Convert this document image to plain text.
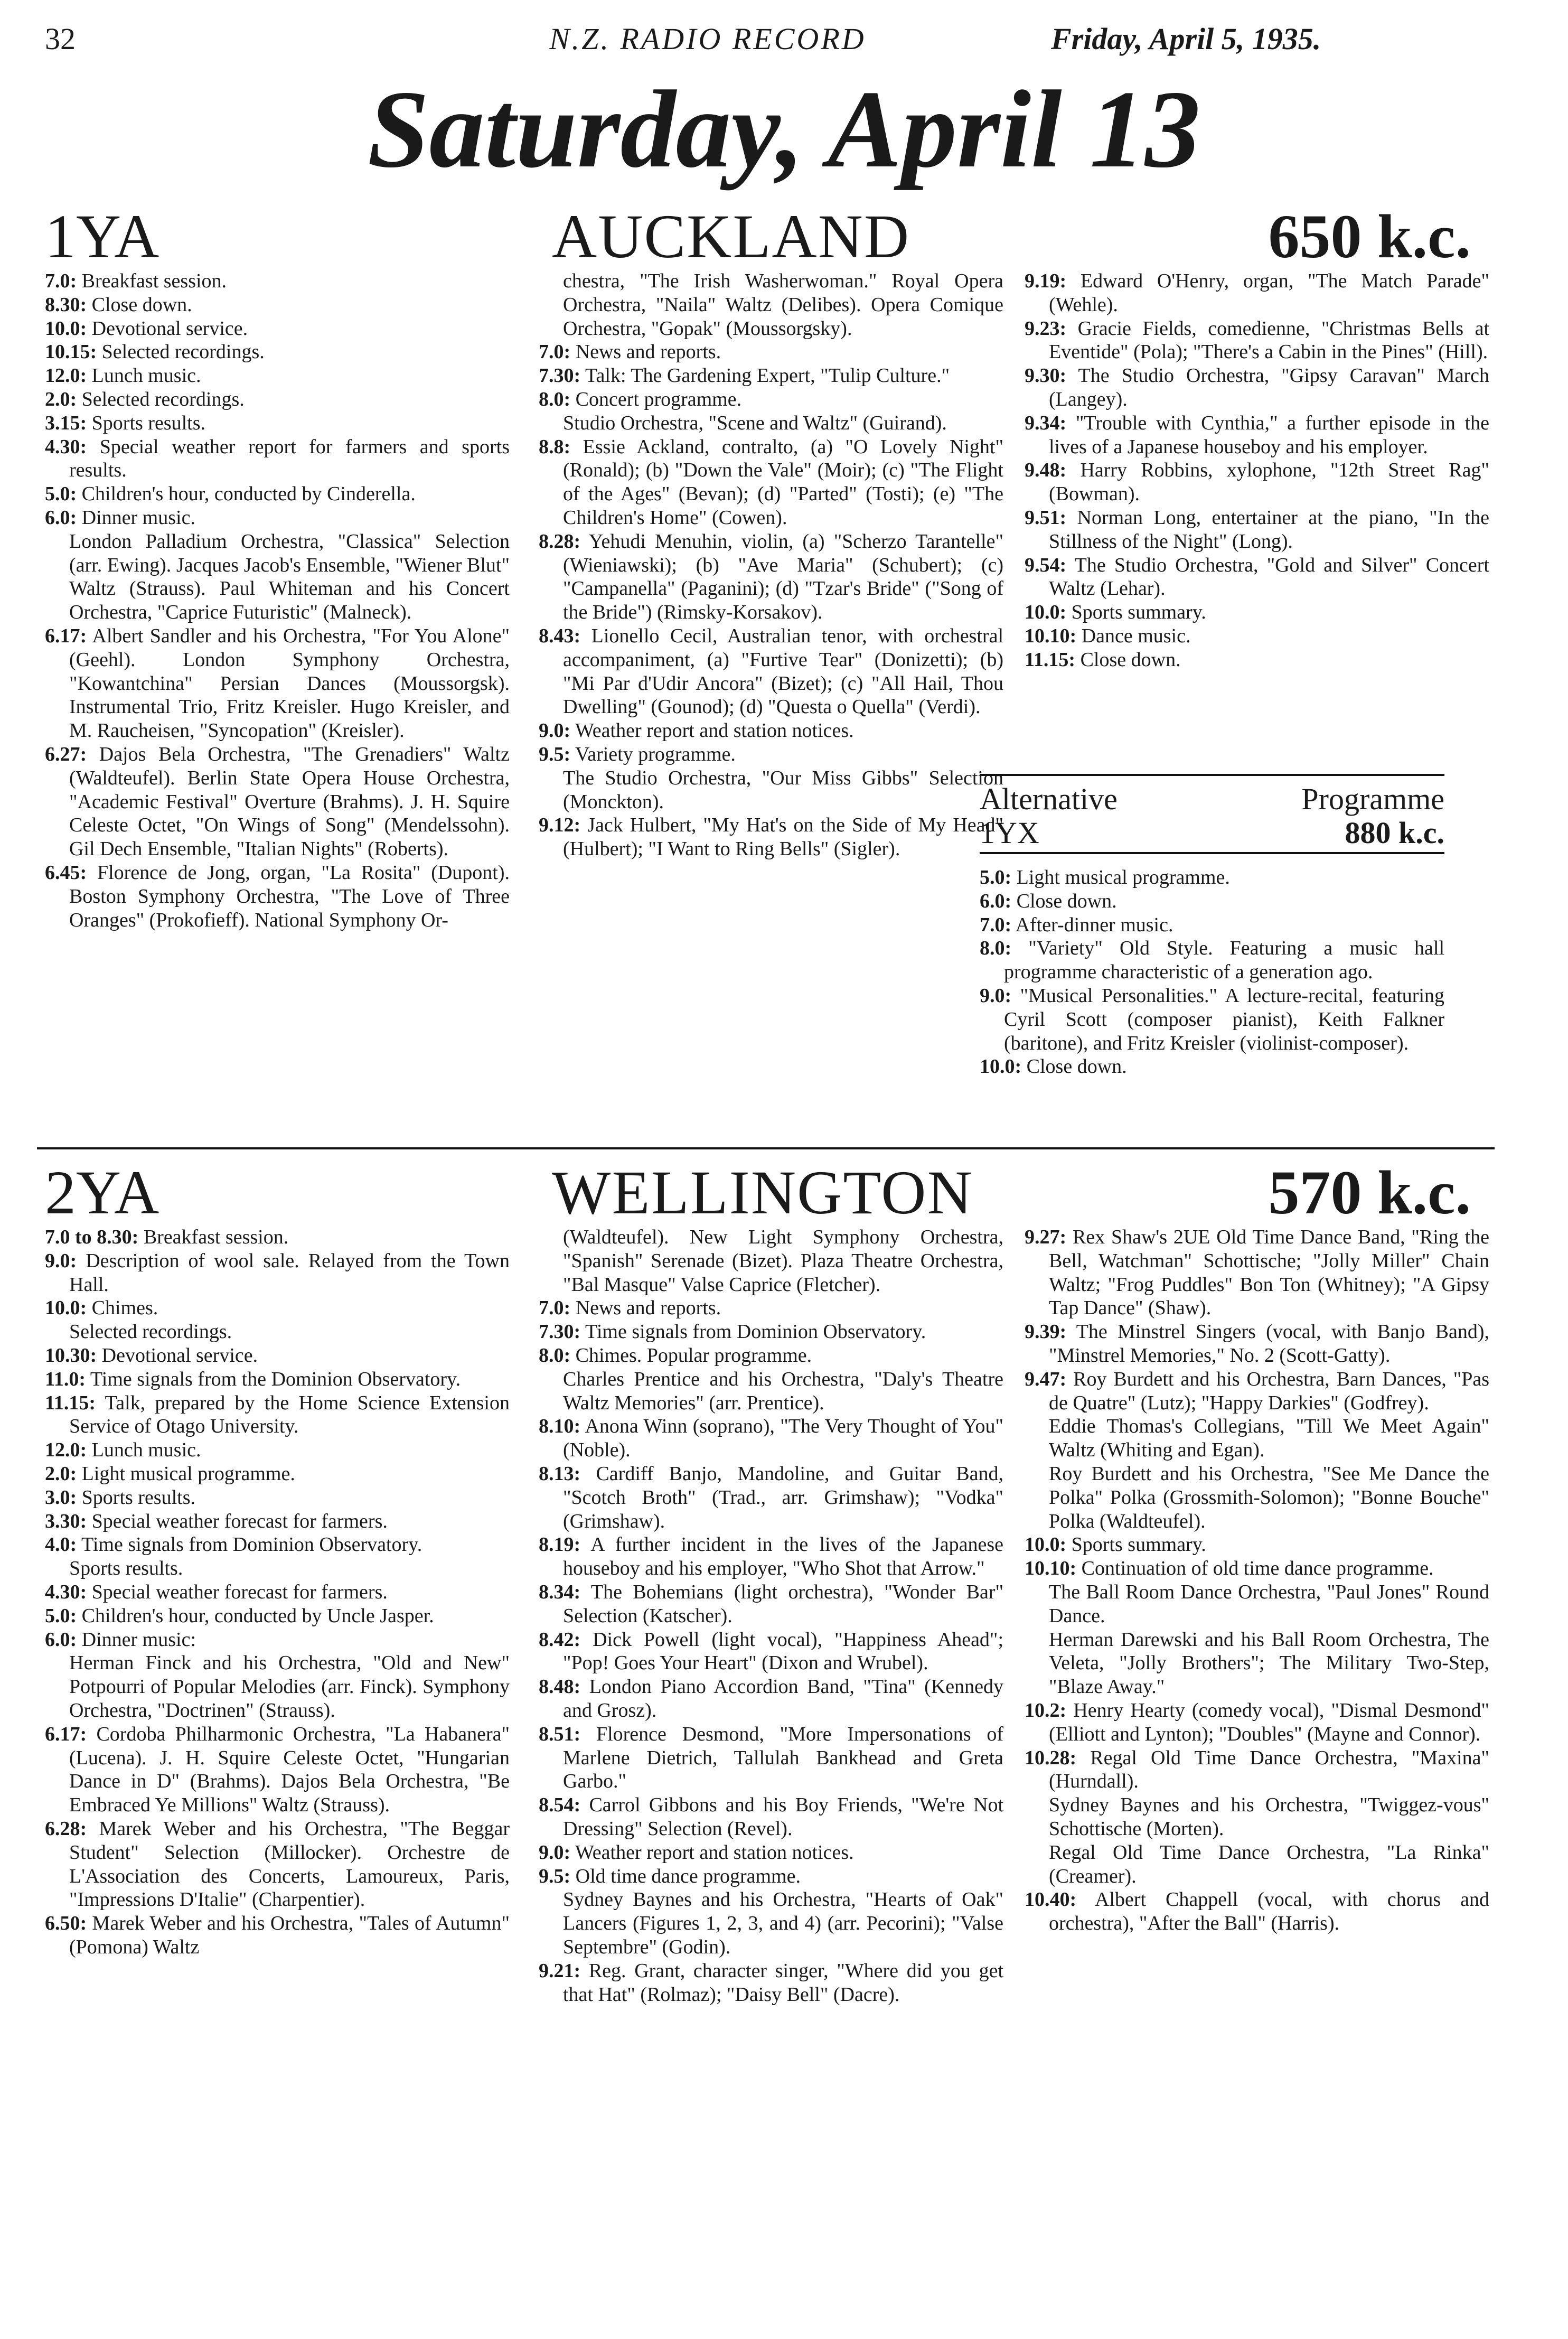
32	N.Z. RADIO RECORD	Friday, April 5, 1935.
Saturday, April 13
1YA	AUCKLAND	650 k.c.

7.0: Breakfast session.

8.30: Close down.

10.0: Devotional service.

10.15: Selected recordings.

12.0: Lunch music.

2.0: Selected recordings.

3.15: Sports results.

4.30: Special weather report for farmers and sports results.

5.0: Children's hour, conducted by Cinderella.

6.0: Dinner music.

London Palladium Orchestra, "Classica" Selection (arr. Ewing). Jacques Jacob's Ensemble, "Wiener Blut" Waltz (Strauss). Paul Whiteman and his Concert Orchestra, "Caprice Futuristic" (Malneck).

6.17: Albert Sandler and his Orchestra, "For You Alone" (Geehl). London Symphony Orchestra, "Kowantchina" Persian Dances (Moussorgsk). Instrumental Trio, Fritz Kreisler. Hugo Kreisler, and M. Raucheisen, "Syncopation" (Kreisler).

6.27: Dajos Bela Orchestra, "The Grenadiers" Waltz (Waldteufel). Berlin State Opera House Orchestra, "Academic Festival" Overture (Brahms). J. H. Squire Celeste Octet, "On Wings of Song" (Mendelssohn). Gil Dech Ensemble, "Italian Nights" (Roberts).

6.45: Florence de Jong, organ, "La Rosita" (Dupont). Boston Symphony Orchestra, "The Love of Three Oranges" (Prokofieff). National Symphony Or-

chestra, "The Irish Washerwoman." Royal Opera Orchestra, "Naila" Waltz (Delibes). Opera Comique Orchestra, "Gopak" (Moussorgsky).

7.0: News and reports.

7.30: Talk: The Gardening Expert, "Tulip Culture."

8.0: Concert programme.

Studio Orchestra, "Scene and Waltz" (Guirand).

8.8: Essie Ackland, contralto, (a) "O Lovely Night" (Ronald); (b) "Down the Vale" (Moir); (c) "The Flight of the Ages" (Bevan); (d) "Parted" (Tosti); (e) "The Children's Home" (Cowen).

8.28: Yehudi Menuhin, violin, (a) "Scherzo Tarantelle" (Wieniawski); (b) "Ave Maria" (Schubert); (c) "Campanella" (Paganini); (d) "Tzar's Bride" ("Song of the Bride") (Rimsky-Korsakov).

8.43: Lionello Cecil, Australian tenor, with orchestral accompaniment, (a) "Furtive Tear" (Donizetti); (b) "Mi Par d'Udir Ancora" (Bizet); (c) "All Hail, Thou Dwelling" (Gounod); (d) "Questa o Quella" (Verdi).

9.0: Weather report and station notices.

9.5: Variety programme.

The Studio Orchestra, "Our Miss Gibbs" Selection (Monckton).

9.12: Jack Hulbert, "My Hat's on the Side of My Head" (Hulbert); "I Want to Ring Bells" (Sigler).

9.19: Edward O'Henry, organ, "The Match Parade" (Wehle).

9.23: Gracie Fields, comedienne, "Christmas Bells at Eventide" (Pola); "There's a Cabin in the Pines" (Hill).

9.30: The Studio Orchestra, "Gipsy Caravan" March (Langey).

9.34: "Trouble with Cynthia," a further episode in the lives of a Japanese houseboy and his employer.

9.48: Harry Robbins, xylophone, "12th Street Rag" (Bowman).

9.51: Norman Long, entertainer at the piano, "In the Stillness of the Night" (Long).

9.54: The Studio Orchestra, "Gold and Silver" Concert Waltz (Lehar).

10.0: Sports summary.

10.10: Dance music.

11.15: Close down.

Alternative	Programme
1YX	880 k.c.

5.0: Light musical programme.

6.0: Close down.

7.0: After-dinner music.

8.0: "Variety" Old Style. Featuring a music hall programme characteristic of a generation ago.

9.0: "Musical Personalities." A lecture-recital, featuring Cyril Scott (composer pianist), Keith Falkner (baritone), and Fritz Kreisler (violinist-composer).

10.0: Close down.

2YA	WELLINGTON	570 k.c.

7.0 to 8.30: Breakfast session.

9.0: Description of wool sale. Relayed from the Town Hall.

10.0: Chimes.

Selected recordings.

10.30: Devotional service.

11.0: Time signals from the Dominion Observatory.

11.15: Talk, prepared by the Home Science Extension Service of Otago University.

12.0: Lunch music.

2.0: Light musical programme.

3.0: Sports results.

3.30: Special weather forecast for farmers.

4.0: Time signals from Dominion Observatory.

Sports results.

4.30: Special weather forecast for farmers.

5.0: Children's hour, conducted by Uncle Jasper.

6.0: Dinner music:

Herman Finck and his Orchestra, "Old and New" Potpourri of Popular Melodies (arr. Finck). Symphony Orchestra, "Doctrinen" (Strauss).

6.17: Cordoba Philharmonic Orchestra, "La Habanera" (Lucena). J. H. Squire Celeste Octet, "Hungarian Dance in D" (Brahms). Dajos Bela Orchestra, "Be Embraced Ye Millions" Waltz (Strauss).

6.28: Marek Weber and his Orchestra, "The Beggar Student" Selection (Millocker). Orchestre de L'Association des Concerts, Lamoureux, Paris, "Impressions D'Italie" (Charpentier).

6.50: Marek Weber and his Orchestra, "Tales of Autumn" (Pomona) Waltz

(Waldteufel). New Light Symphony Orchestra, "Spanish" Serenade (Bizet). Plaza Theatre Orchestra, "Bal Masque" Valse Caprice (Fletcher).

7.0: News and reports.

7.30: Time signals from Dominion Observatory.

8.0: Chimes. Popular programme.

Charles Prentice and his Orchestra, "Daly's Theatre Waltz Memories" (arr. Prentice).

8.10: Anona Winn (soprano), "The Very Thought of You" (Noble).

8.13: Cardiff Banjo, Mandoline, and Guitar Band, "Scotch Broth" (Trad., arr. Grimshaw); "Vodka" (Grimshaw).

8.19: A further incident in the lives of the Japanese houseboy and his employer, "Who Shot that Arrow."

8.34: The Bohemians (light orchestra), "Wonder Bar" Selection (Katscher).

8.42: Dick Powell (light vocal), "Happiness Ahead"; "Pop! Goes Your Heart" (Dixon and Wrubel).

8.48: London Piano Accordion Band, "Tina" (Kennedy and Grosz).

8.51: Florence Desmond, "More Impersonations of Marlene Dietrich, Tallulah Bankhead and Greta Garbo."

8.54: Carrol Gibbons and his Boy Friends, "We're Not Dressing" Selection (Revel).

9.0: Weather report and station notices.

9.5: Old time dance programme.

Sydney Baynes and his Orchestra, "Hearts of Oak" Lancers (Figures 1, 2, 3, and 4) (arr. Pecorini); "Valse Septembre" (Godin).

9.21: Reg. Grant, character singer, "Where did you get that Hat" (Rolmaz); "Daisy Bell" (Dacre).

9.27: Rex Shaw's 2UE Old Time Dance Band, "Ring the Bell, Watchman" Schottische; "Jolly Miller" Chain Waltz; "Frog Puddles" Bon Ton (Whitney); "A Gipsy Tap Dance" (Shaw).

9.39: The Minstrel Singers (vocal, with Banjo Band), "Minstrel Memories," No. 2 (Scott-Gatty).

9.47: Roy Burdett and his Orchestra, Barn Dances, "Pas de Quatre" (Lutz); "Happy Darkies" (Godfrey).

Eddie Thomas's Collegians, "Till We Meet Again" Waltz (Whiting and Egan).

Roy Burdett and his Orchestra, "See Me Dance the Polka" Polka (Grossmith-Solomon); "Bonne Bouche" Polka (Waldteufel).

10.0: Sports summary.

10.10: Continuation of old time dance programme.

The Ball Room Dance Orchestra, "Paul Jones" Round Dance.

Herman Darewski and his Ball Room Orchestra, The Veleta, "Jolly Brothers"; The Military Two-Step, "Blaze Away."

10.2: Henry Hearty (comedy vocal), "Dismal Desmond" (Elliott and Lynton); "Doubles" (Mayne and Connor).

10.28: Regal Old Time Dance Orchestra, "Maxina" (Hurndall).

Sydney Baynes and his Orchestra, "Twiggez-vous" Schottische (Morten).

Regal Old Time Dance Orchestra, "La Rinka" (Creamer).

10.40: Albert Chappell (vocal, with chorus and orchestra), "After the Ball" (Harris).
